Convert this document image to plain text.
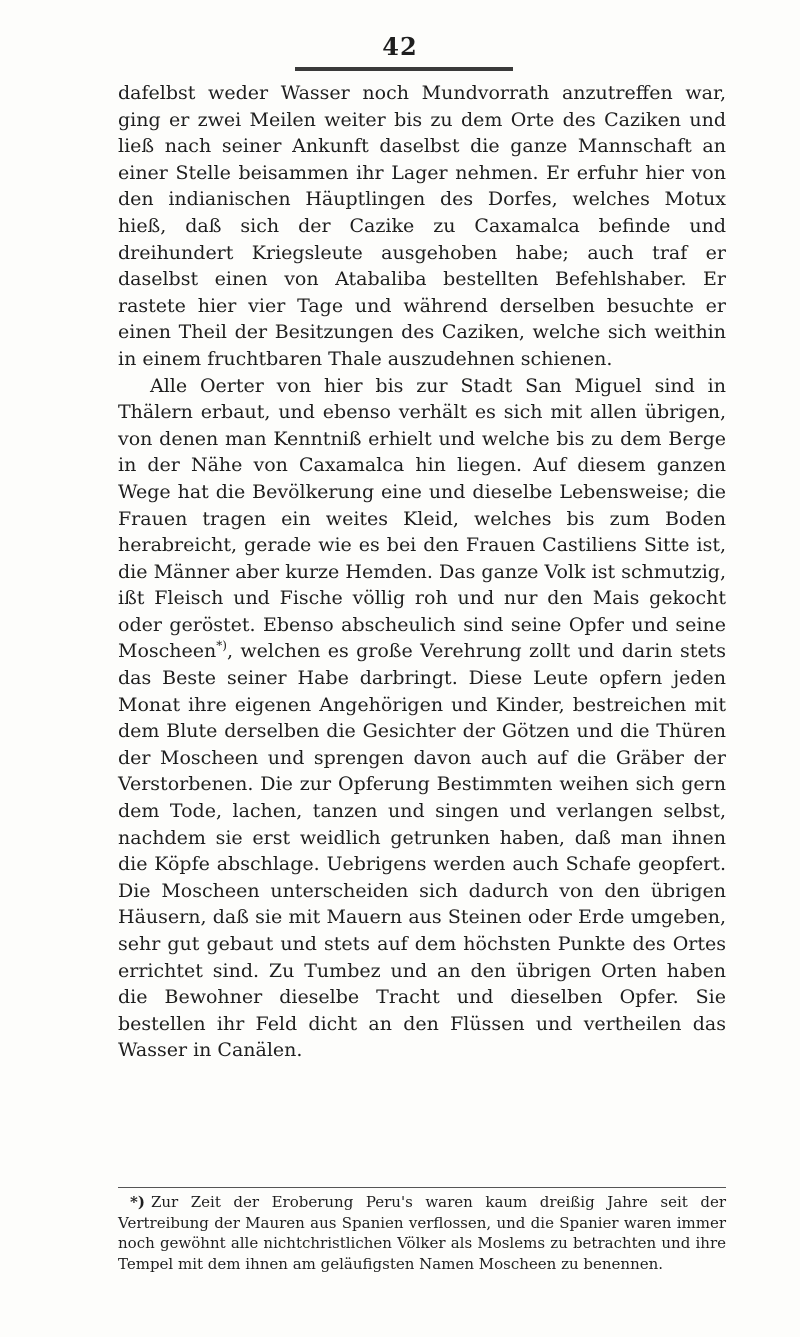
42

dafelbst weder Wasser noch Mundvorrath anzutreffen war, ging er zwei Meilen weiter bis zu dem Orte des Caziken und ließ nach seiner Ankunft daselbst die ganze Mannschaft an einer Stelle beisammen ihr Lager nehmen. Er erfuhr hier von den indianischen Häuptlingen des Dorfes, welches Motux hieß, daß sich der Cazike zu Caxamalca befinde und dreihundert Kriegsleute ausgehoben habe; auch traf er daselbst einen von Atabaliba bestellten Befehlshaber. Er rastete hier vier Tage und während derselben besuchte er einen Theil der Besitzungen des Caziken, welche sich weithin in einem fruchtbaren Thale auszudehnen schienen.

Alle Oerter von hier bis zur Stadt San Miguel sind in Thälern erbaut, und ebenso verhält es sich mit allen übrigen, von denen man Kenntniß erhielt und welche bis zu dem Berge in der Nähe von Caxamalca hin liegen. Auf diesem ganzen Wege hat die Bevölkerung eine und dieselbe Lebensweise; die Frauen tragen ein weites Kleid, welches bis zum Boden herabreicht, gerade wie es bei den Frauen Castiliens Sitte ist, die Männer aber kurze Hemden. Das ganze Volk ist schmutzig, ißt Fleisch und Fische völlig roh und nur den Mais gekocht oder geröstet. Ebenso abscheulich sind seine Opfer und seine Moscheen*), welchen es große Verehrung zollt und darin stets das Beste seiner Habe darbringt. Diese Leute opfern jeden Monat ihre eigenen Angehörigen und Kinder, bestreichen mit dem Blute derselben die Gesichter der Götzen und die Thüren der Moscheen und sprengen davon auch auf die Gräber der Verstorbenen. Die zur Opferung Bestimmten weihen sich gern dem Tode, lachen, tanzen und singen und verlangen selbst, nachdem sie erst weidlich getrunken haben, daß man ihnen die Köpfe abschlage. Uebrigens werden auch Schafe geopfert. Die Moscheen unterscheiden sich dadurch von den übrigen Häusern, daß sie mit Mauern aus Steinen oder Erde umgeben, sehr gut gebaut und stets auf dem höchsten Punkte des Ortes errichtet sind. Zu Tumbez und an den übrigen Orten haben die Bewohner dieselbe Tracht und dieselben Opfer. Sie bestellen ihr Feld dicht an den Flüssen und vertheilen das Wasser in Canälen.

*) Zur Zeit der Eroberung Peru's waren kaum dreißig Jahre seit der Vertreibung der Mauren aus Spanien verflossen, und die Spanier waren immer noch gewöhnt alle nichtchristlichen Völker als Moslems zu betrachten und ihre Tempel mit dem ihnen am geläufigsten Namen Moscheen zu benennen.
